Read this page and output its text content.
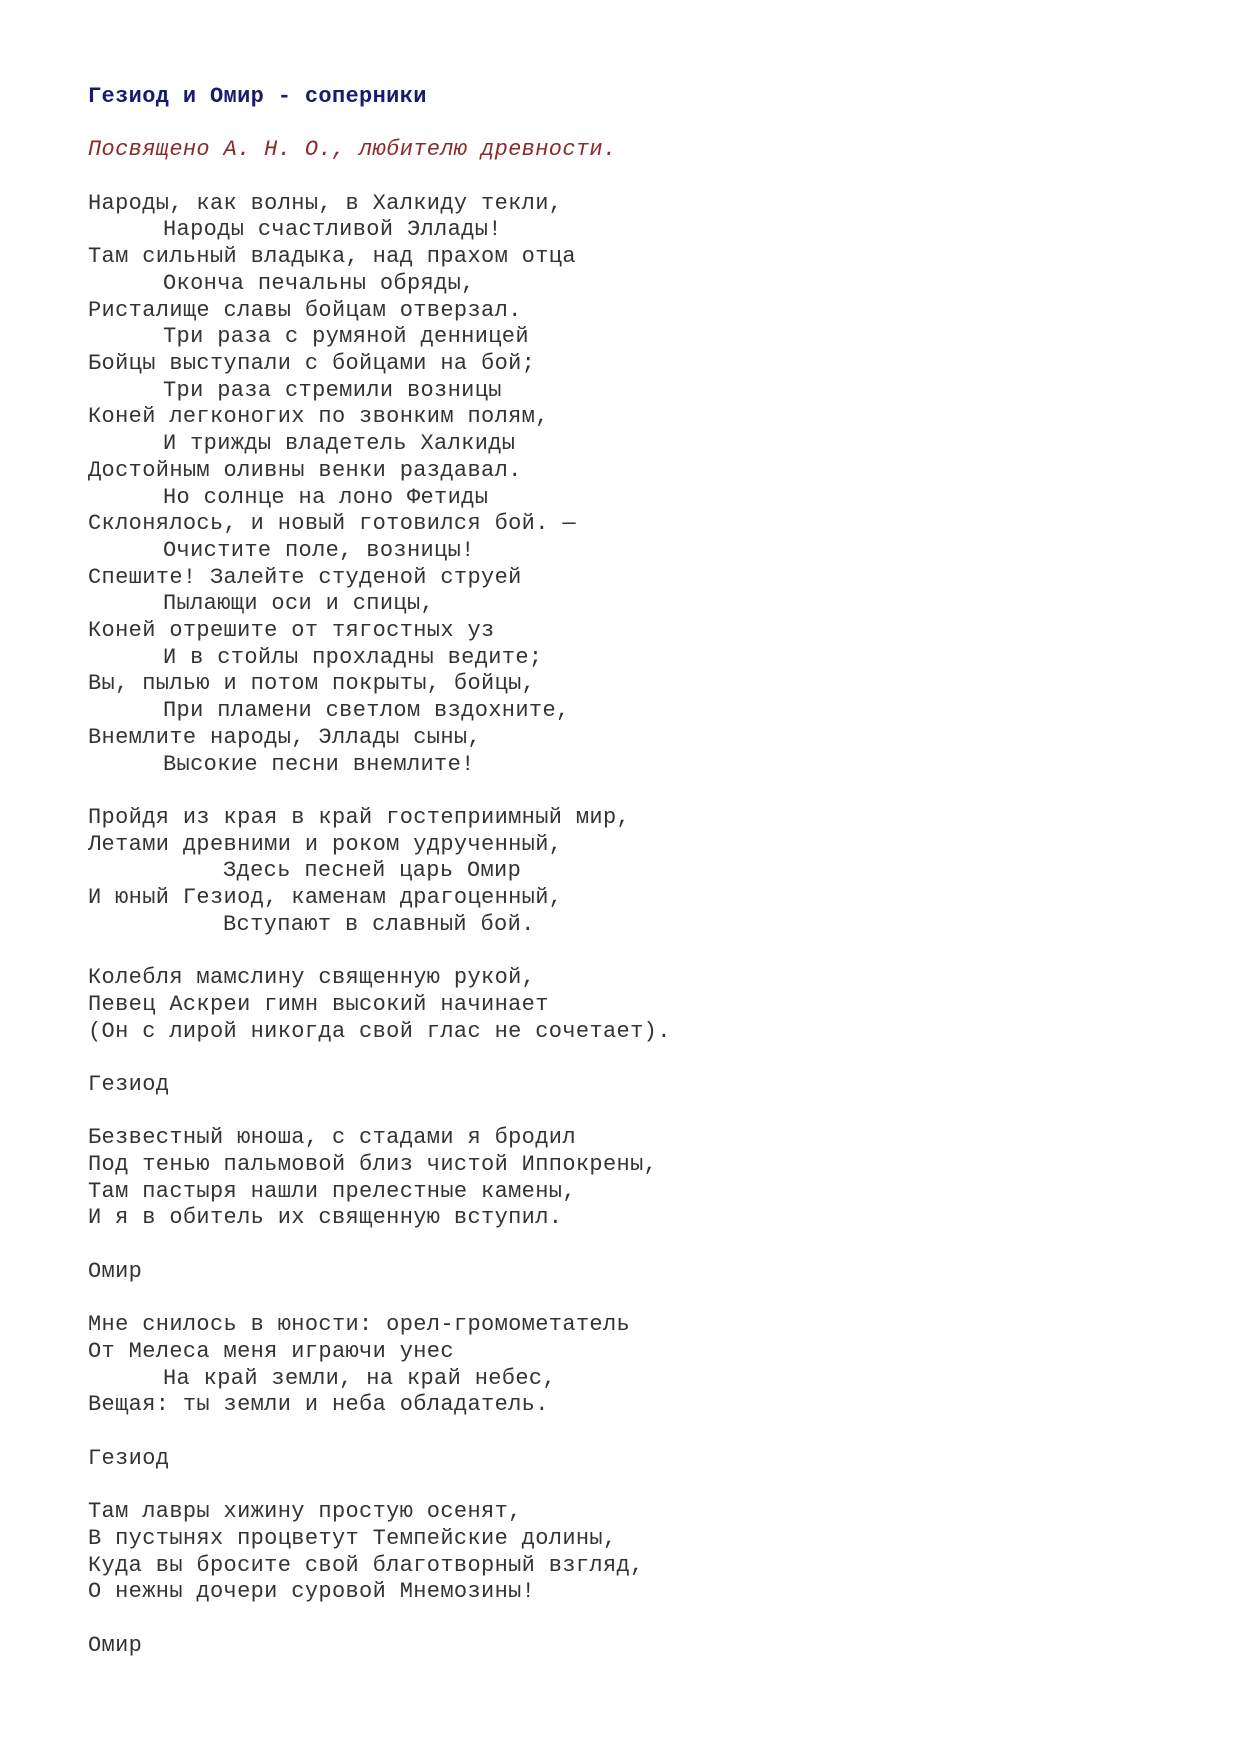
Гезиод и Омир - соперники
Посвящено А. Н. О., любителю древности.
Народы, как волны, в Халкиду текли,
Народы счастливой Эллады!
Там сильный владыка, над прахом отца
Окончa печальны обряды,
Ристалище славы бойцам отверзал.
Три раза с румяной денницей
Бойцы выступали с бойцами на бой;
Три раза стремили возницы
Коней легконогих по звонким полям,
И трижды владетель Халкиды
Достойным оливны венки раздавал.
Но солнце на лоно Фетиды
Склонялось, и новый готовился бой. —
Очистите поле, возницы!
Спешите! Залейте студеной струей
Пылающи оси и спицы,
Коней отрешите от тягостных уз
И в стойлы прохладны ведите;
Вы, пылью и потом покрыты, бойцы,
При пламени светлом вздохните,
Внемлите народы, Эллады сыны,
Высокие песни внемлите!
Пройдя из края в край гостеприимный мир,
Летами древними и роком удрученный,
Здесь песней царь Омир
И юный Гезиод, каменам драгоценный,
Вступают в славный бой.
Колебля мамслину священную рукой,
Певец Аскреи гимн высокий начинает
(Он с лирой никогда свой глас не сочетает).
Гезиод
Безвестный юноша, с стадами я бродил
Под тенью пальмовой близ чистой Иппокрены,
Там пастыря нашли прелестные камены,
И я в обитель их священную вступил.
Омир
Мне снилось в юности: орел-громометатель
От Мелеса меня играючи унес
На край земли, на край небес,
Вещая: ты земли и неба обладатель.
Гезиод
Там лавры хижину простую осенят,
В пустынях процветут Темпейские долины,
Куда вы бросите свой благотворный взгляд,
О нежны дочери суровой Мнемозины!
Омир
